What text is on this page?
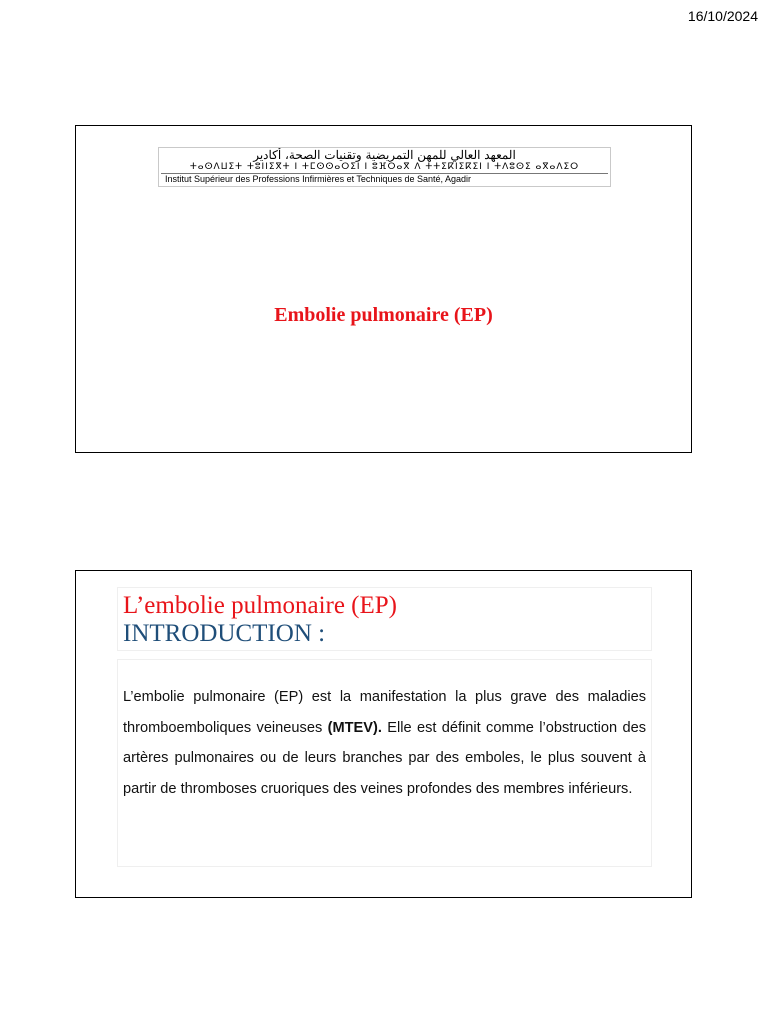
16/10/2024
المعهد العالي للمهن التمريضية وتقنيات الصحة، أكادير
ⵜⴰⵙⴷⵡⵉⵜ ⵜⵓⵏⵏⵉⴳⵜ ⵏ ⵜⵎⵙⵙⴰⵔⵉⵏ ⵏ ⵓⴼⵔⴰⴳ ⴷ ⵜⵜⵉⴽⵏⵉⴽⵉⵏ ⵏ ⵜⴷⵓⵙⵉ ⴰⴳⴰⴷⵉⵔ
Institut Supérieur des Professions Infirmières et Techniques de Santé, Agadir
Embolie pulmonaire (EP)
L’embolie pulmonaire (EP)
INTRODUCTION :

L’embolie pulmonaire (EP) est la manifestation la plus grave des maladies thromboemboliques veineuses (MTEV). Elle est définit comme l’obstruction des artères pulmonaires ou de leurs branches par des emboles, le plus souvent à partir de thromboses cruoriques des veines profondes des membres inférieurs.
